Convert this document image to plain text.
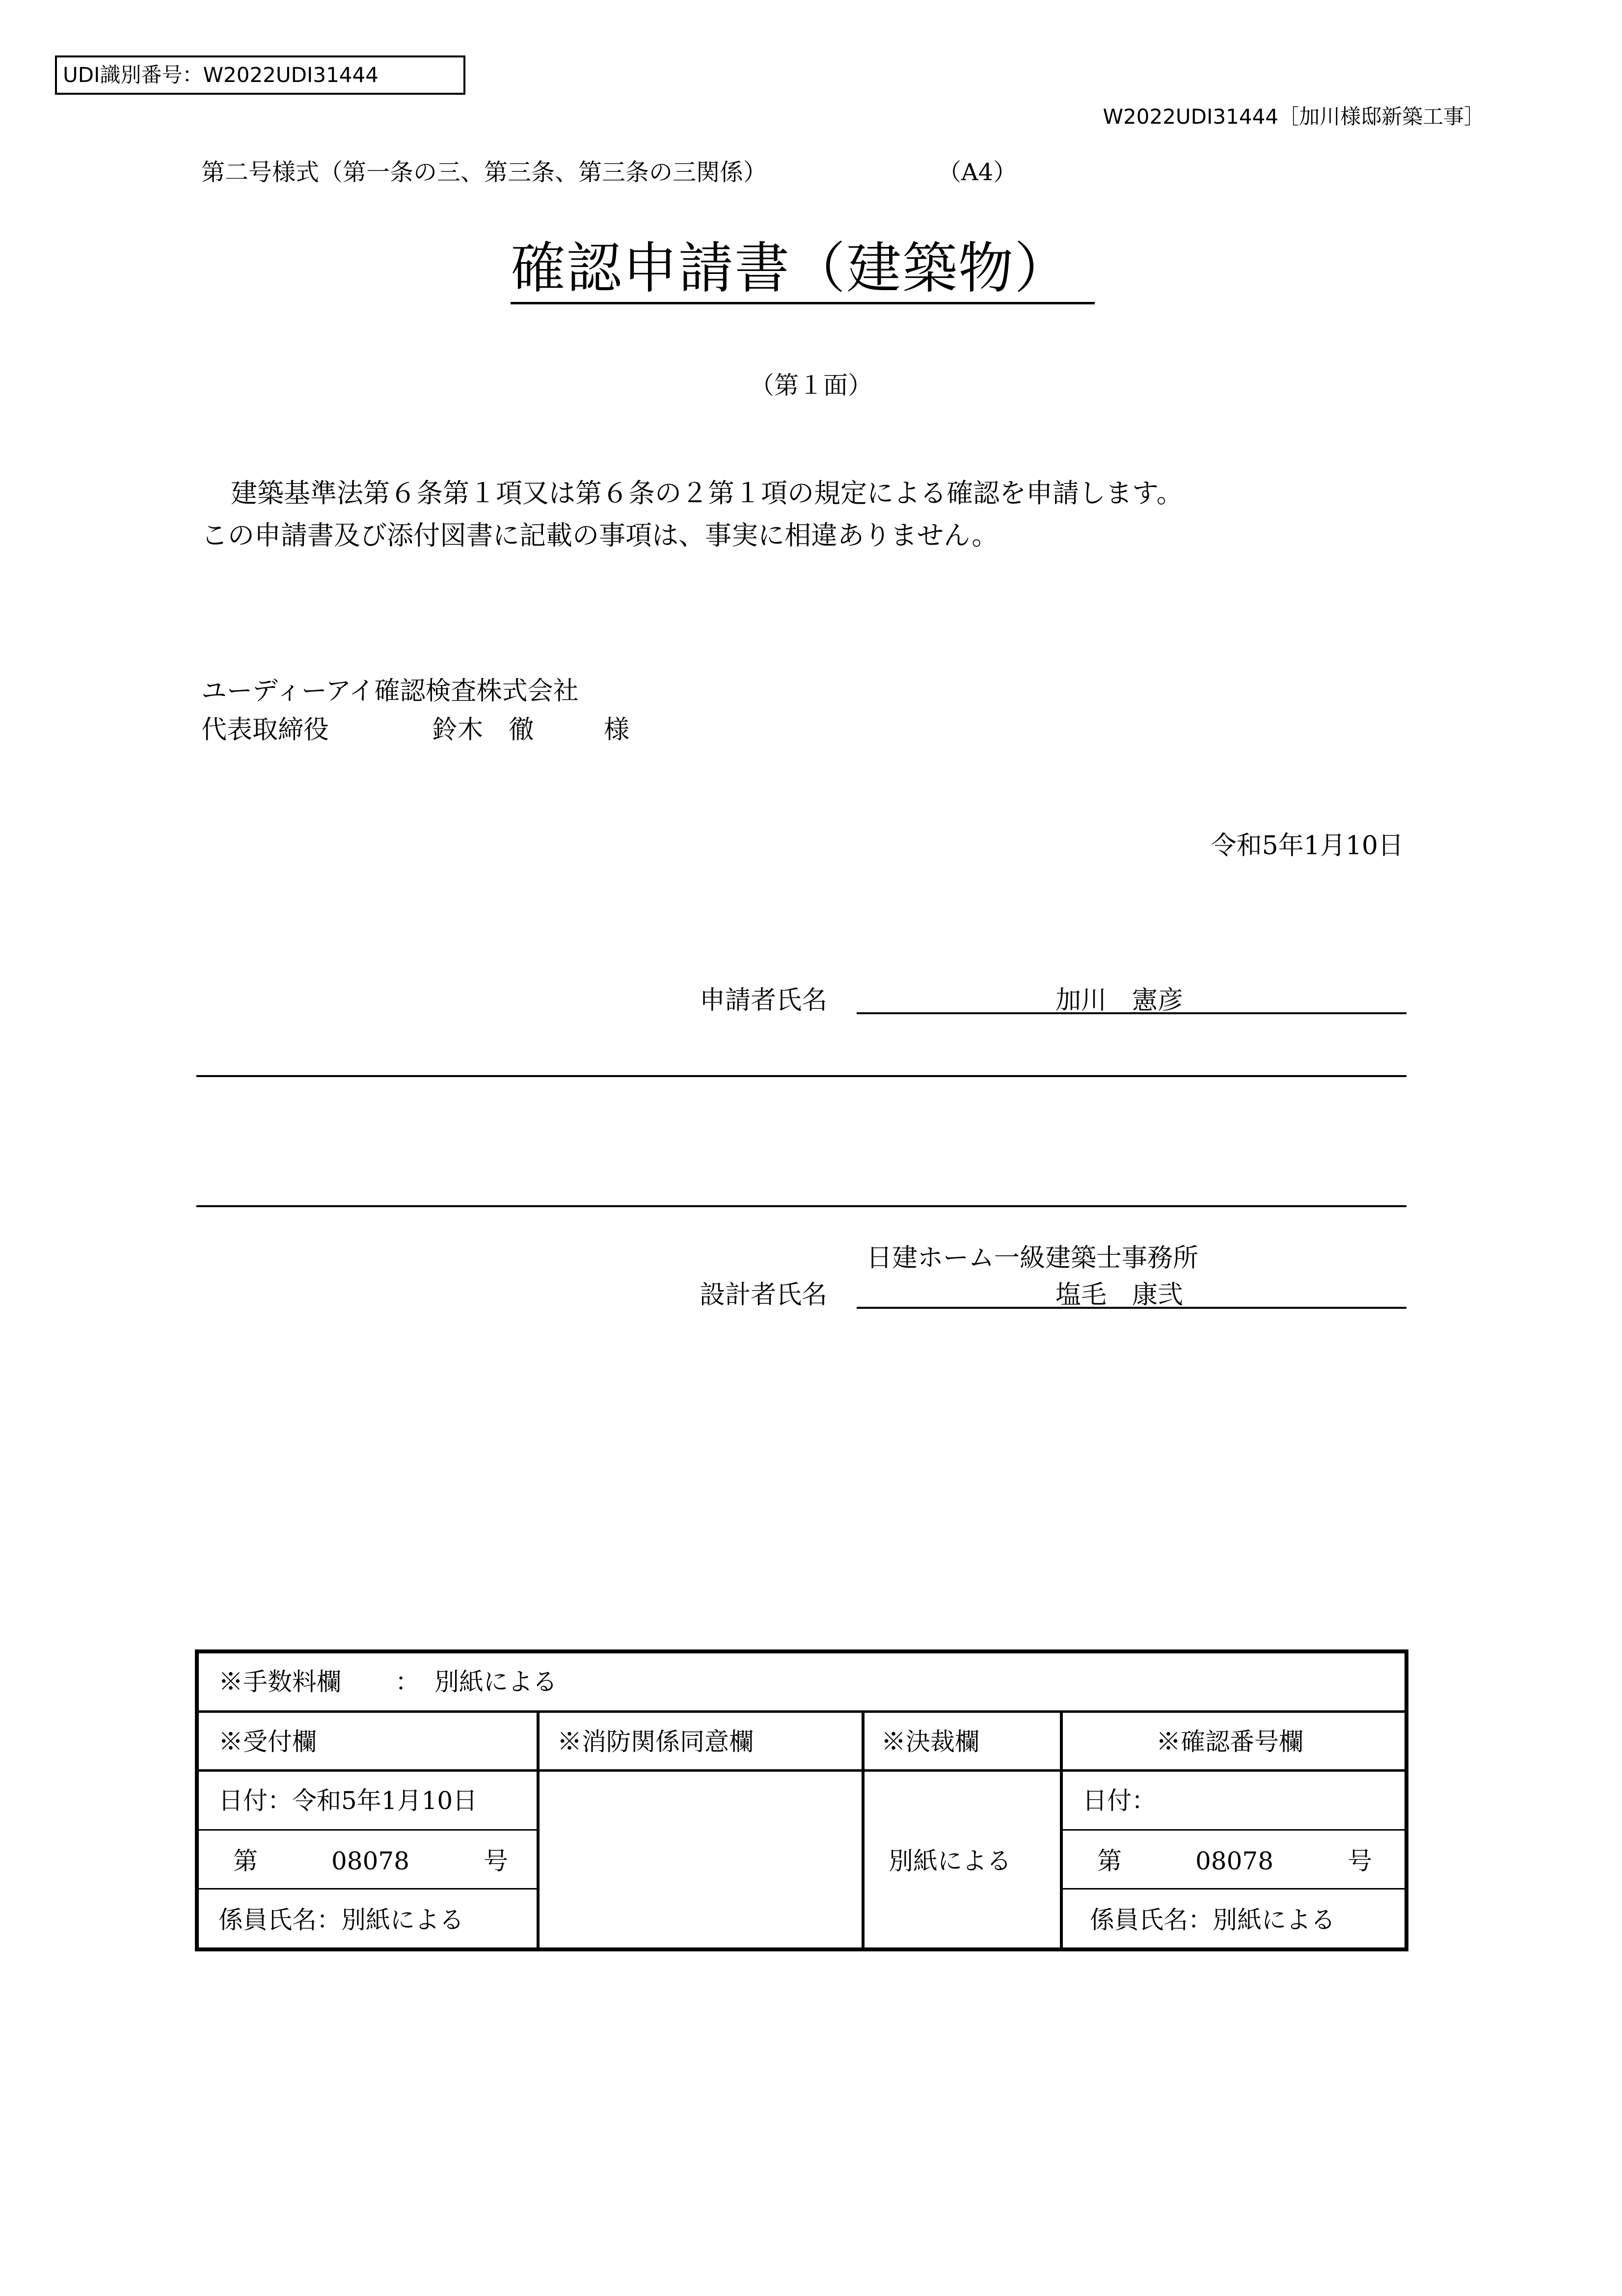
UDI識別番号：W2022UDI31444
W2022UDI31444［加川様邸新築工事］
第二号様式（第一条の三、第三条、第三条の三関係）	（A4）
確認申請書（建築物）
（第１面）
建築基準法第６条第１項又は第６条の２第１項の規定による確認を申請します。
この申請書及び添付図書に記載の事項は、事実に相違ありません。
ユーディーアイ確認検査株式会社
代表取締役	鈴木　徹	様
令和5年1月10日
申請者氏名	加川　憲彦
日建ホーム一級建築士事務所
設計者氏名	塩毛　康弐
※手数料欄 ： 別紙による
※受付欄	※消防関係同意欄	※決裁欄	※確認番号欄
日付：令和5年1月10日
第	08078	号
係員氏名：別紙による
別紙による
日付：
第	08078	号
係員氏名：別紙による
